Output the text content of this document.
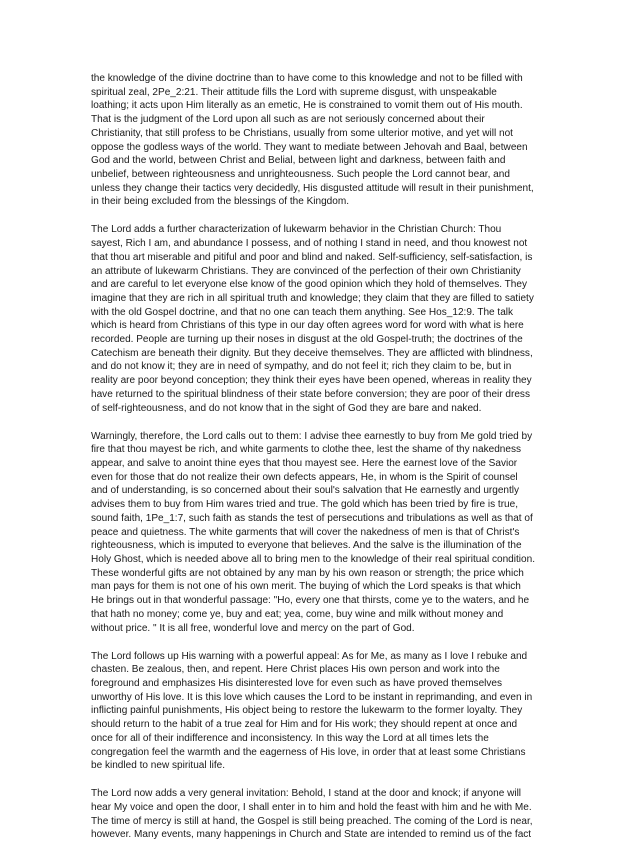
the knowledge of the divine doctrine than to have come to this knowledge and not to be filled with
spiritual zeal, 2Pe_2:21. Their attitude fills the Lord with supreme disgust, with unspeakable
loathing; it acts upon Him literally as an emetic, He is constrained to vomit them out of His mouth.
That is the judgment of the Lord upon all such as are not seriously concerned about their
Christianity, that still profess to be Christians, usually from some ulterior motive, and yet will not
oppose the godless ways of the world. They want to mediate between Jehovah and Baal, between
God and the world, between Christ and Belial, between light and darkness, between faith and
unbelief, between righteousness and unrighteousness. Such people the Lord cannot bear, and
unless they change their tactics very decidedly, His disgusted attitude will result in their punishment,
in their being excluded from the blessings of the Kingdom.
The Lord adds a further characterization of lukewarm behavior in the Christian Church: Thou
sayest, Rich I am, and abundance I possess, and of nothing I stand in need, and thou knowest not
that thou art miserable and pitiful and poor and blind and naked. Self-sufficiency, self-satisfaction, is
an attribute of lukewarm Christians. They are convinced of the perfection of their own Christianity
and are careful to let everyone else know of the good opinion which they hold of themselves. They
imagine that they are rich in all spiritual truth and knowledge; they claim that they are filled to satiety
with the old Gospel doctrine, and that no one can teach them anything. See Hos_12:9. The talk
which is heard from Christians of this type in our day often agrees word for word with what is here
recorded. People are turning up their noses in disgust at the old Gospel-truth; the doctrines of the
Catechism are beneath their dignity. But they deceive themselves. They are afflicted with blindness,
and do not know it; they are in need of sympathy, and do not feel it; rich they claim to be, but in
reality are poor beyond conception; they think their eyes have been opened, whereas in reality they
have returned to the spiritual blindness of their state before conversion; they are poor of their dress
of self-righteousness, and do not know that in the sight of God they are bare and naked.
Warningly, therefore, the Lord calls out to them: I advise thee earnestly to buy from Me gold tried by
fire that thou mayest be rich, and white garments to clothe thee, lest the shame of thy nakedness
appear, and salve to anoint thine eyes that thou mayest see. Here the earnest love of the Savior
even for those that do not realize their own defects appears, He, in whom is the Spirit of counsel
and of understanding, is so concerned about their soul's salvation that He earnestly and urgently
advises them to buy from Him wares tried and true. The gold which has been tried by fire is true,
sound faith, 1Pe_1:7, such faith as stands the test of persecutions and tribulations as well as that of
peace and quietness. The white garments that will cover the nakedness of men is that of Christ's
righteousness, which is imputed to everyone that believes. And the salve is the illumination of the
Holy Ghost, which is needed above all to bring men to the knowledge of their real spiritual condition.
These wonderful gifts are not obtained by any man by his own reason or strength; the price which
man pays for them is not one of his own merit. The buying of which the Lord speaks is that which
He brings out in that wonderful passage: "Ho, every one that thirsts, come ye to the waters, and he
that hath no money; come ye, buy and eat; yea, come, buy wine and milk without money and
without price. " It is all free, wonderful love and mercy on the part of God.
The Lord follows up His warning with a powerful appeal: As for Me, as many as I love I rebuke and
chasten. Be zealous, then, and repent. Here Christ places His own person and work into the
foreground and emphasizes His disinterested love for even such as have proved themselves
unworthy of His love. It is this love which causes the Lord to be instant in reprimanding, and even in
inflicting painful punishments, His object being to restore the lukewarm to the former loyalty. They
should return to the habit of a true zeal for Him and for His work; they should repent at once and
once for all of their indifference and inconsistency. In this way the Lord at all times lets the
congregation feel the warmth and the eagerness of His love, in order that at least some Christians
be kindled to new spiritual life.
The Lord now adds a very general invitation: Behold, I stand at the door and knock; if anyone will
hear My voice and open the door, I shall enter in to him and hold the feast with him and he with Me.
The time of mercy is still at hand, the Gospel is still being preached. The coming of the Lord is near,
however. Many events, many happenings in Church and State are intended to remind us of the fact
